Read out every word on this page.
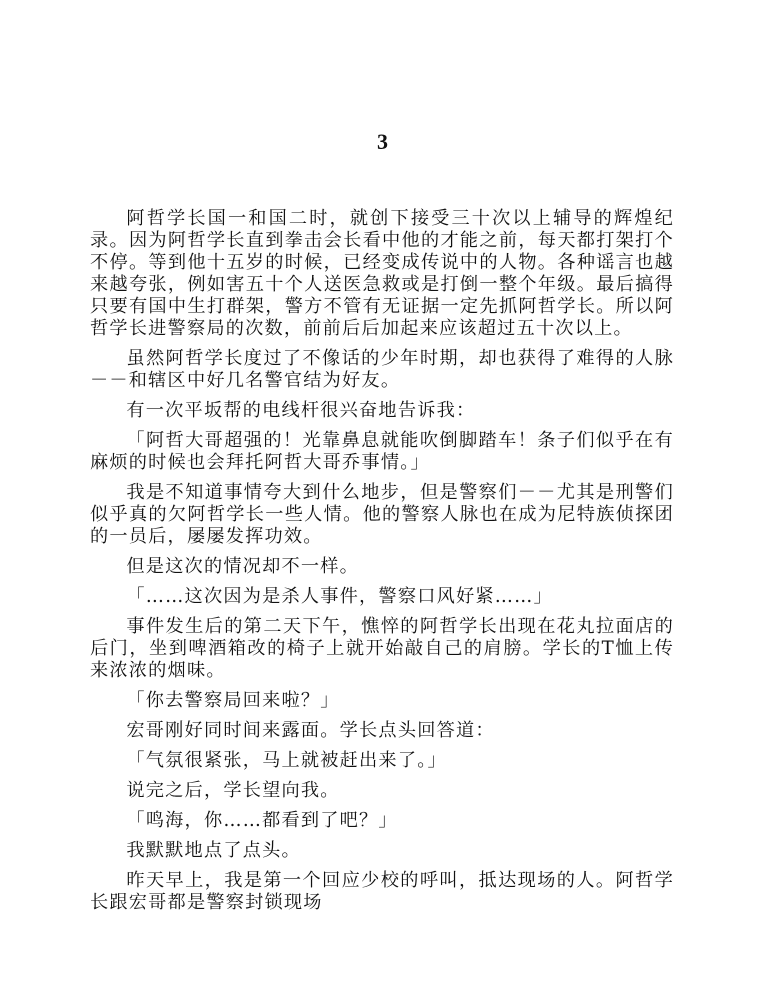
3

阿哲学长国一和国二时，就创下接受三十次以上辅导的辉煌纪录。因为阿哲学长直到拳击会长看中他的才能之前，每天都打架打个不停。等到他十五岁的时候，已经变成传说中的人物。各种谣言也越来越夸张，例如害五十个人送医急救或是打倒一整个年级。最后搞得只要有国中生打群架，警方不管有无证据一定先抓阿哲学长。所以阿哲学长进警察局的次数，前前后后加起来应该超过五十次以上。

虽然阿哲学长度过了不像话的少年时期，却也获得了难得的人脉－－和辖区中好几名警官结为好友。

有一次平坂帮的电线杆很兴奋地告诉我：

「阿哲大哥超强的！光靠鼻息就能吹倒脚踏车！条子们似乎在有麻烦的时候也会拜托阿哲大哥乔事情。」

我是不知道事情夸大到什么地步，但是警察们－－尤其是刑警们似乎真的欠阿哲学长一些人情。他的警察人脉也在成为尼特族侦探团的一员后，屡屡发挥功效。

但是这次的情况却不一样。

「……这次因为是杀人事件，警察口风好紧……」

事件发生后的第二天下午，憔悴的阿哲学长出现在花丸拉面店的后门，坐到啤酒箱改的椅子上就开始敲自己的肩膀。学长的T恤上传来浓浓的烟味。

「你去警察局回来啦？」

宏哥刚好同时间来露面。学长点头回答道：

「气氛很紧张，马上就被赶出来了。」

说完之后，学长望向我。

「鸣海，你……都看到了吧？」

我默默地点了点头。

昨天早上，我是第一个回应少校的呼叫，抵达现场的人。阿哲学长跟宏哥都是警察封锁现场
